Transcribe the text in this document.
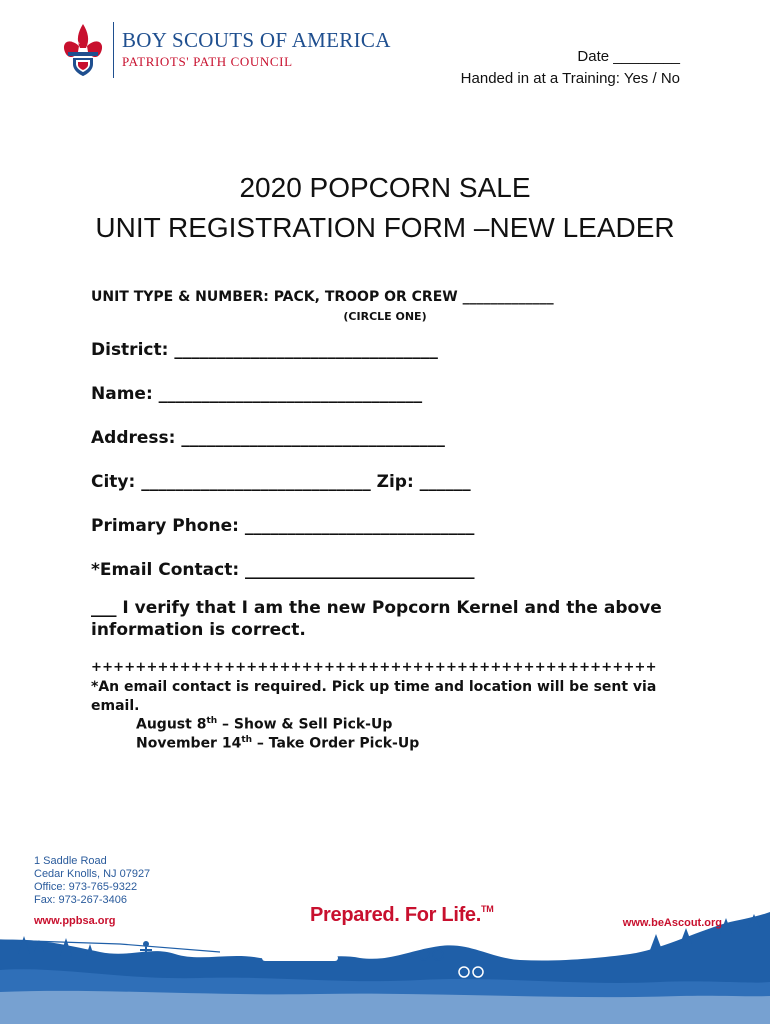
BOY SCOUTS OF AMERICA
PATRIOTS' PATH COUNCIL	Date ________
Handed in at a Training: Yes / No
2020 POPCORN SALE
UNIT REGISTRATION FORM –NEW LEADER
UNIT TYPE & NUMBER: PACK, TROOP OR CREW _____________
(CIRCLE ONE)
District: _______________________________
Name: _______________________________
Address: _______________________________
City: ___________________________ Zip: ______
Primary Phone: ___________________________
*Email Contact: ___________________________
___ I verify that I am the new Popcorn Kernel and the above information is correct.
+++++++++++++++++++++++++++++++++++++++++++++++++++
*An email contact is required. Pick up time and location will be sent via email.
August 8th – Show & Sell Pick-Up
November 14th – Take Order Pick-Up
1 Saddle Road
Cedar Knolls, NJ 07927
Office: 973-765-9322
Fax: 973-267-3406
www.ppbsa.org	Prepared. For Life.™
www.beAscout.org
